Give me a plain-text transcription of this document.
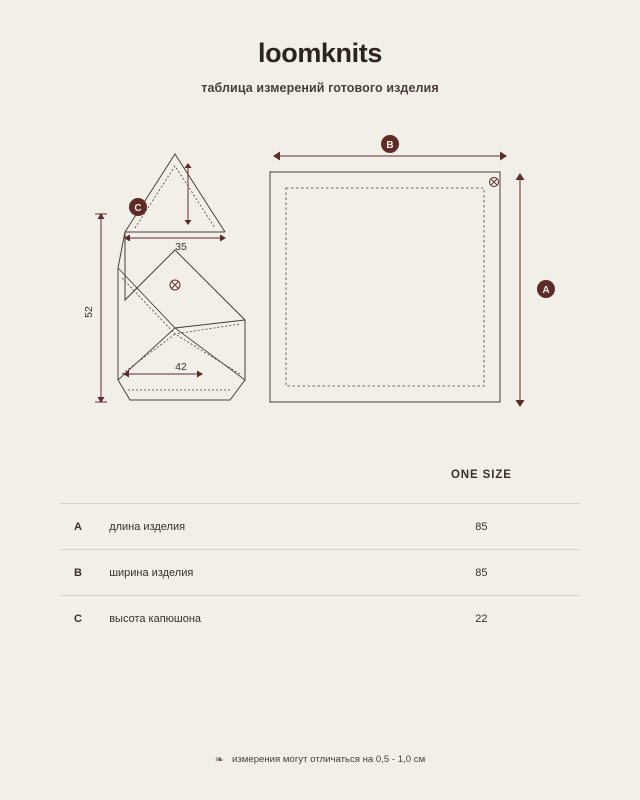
loomknits
таблица измерений готового изделия
C
35
52
42
B
A
		ONE SIZE
A	длина изделия	85
B	ширина изделия	85
C	высота капюшона	22
❧ измерения могут отличаться на 0,5 - 1,0 см
